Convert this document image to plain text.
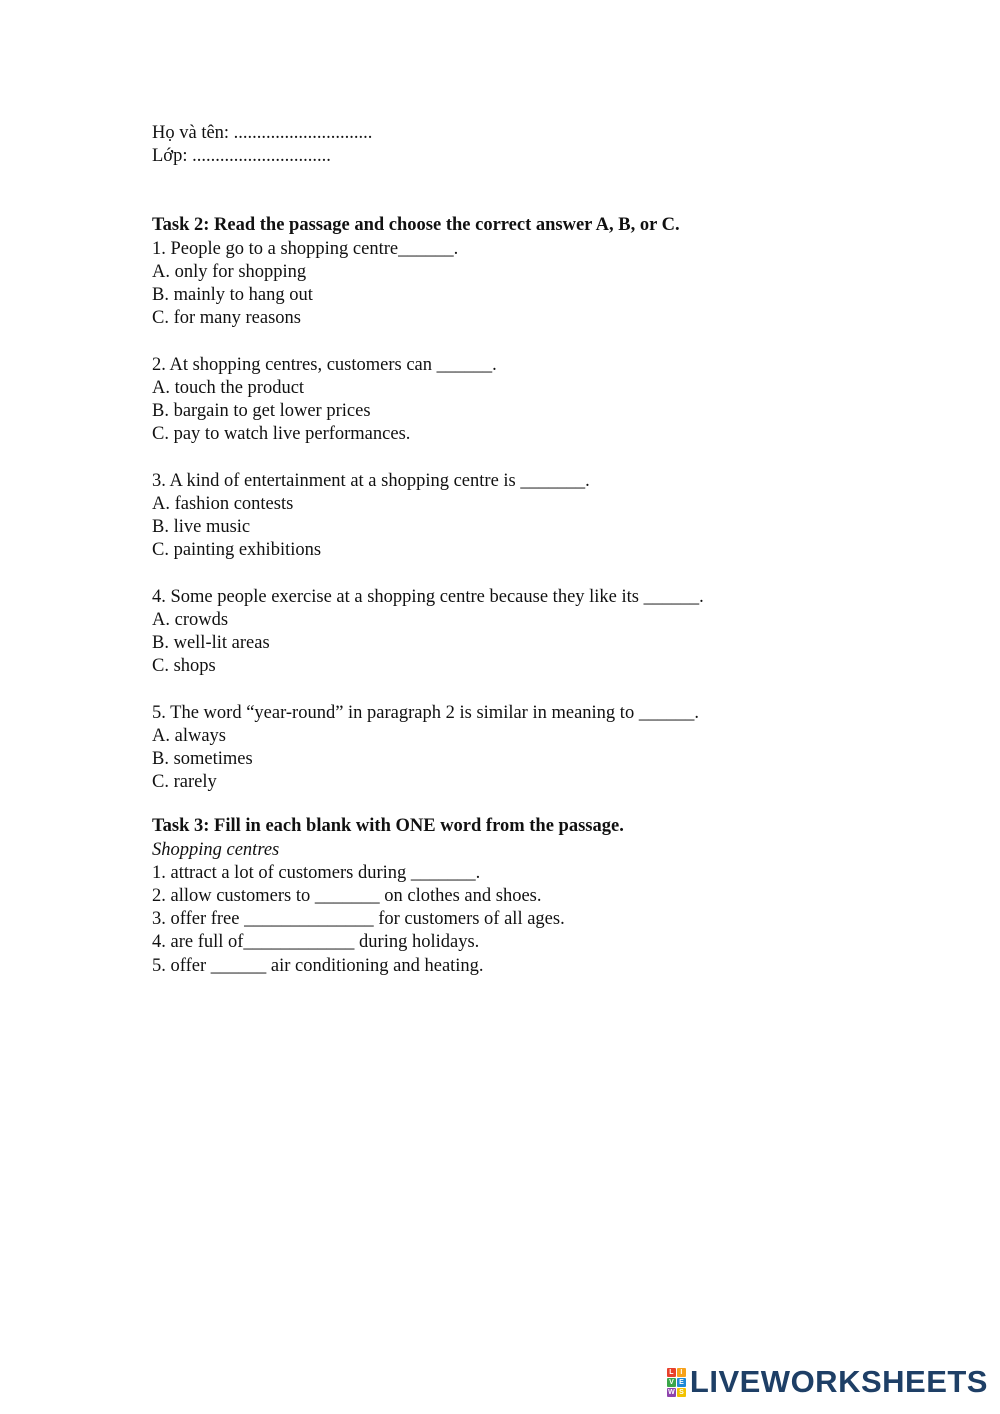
Họ và tên: ..............................
Lớp: ..............................
Task 2: Read the passage and choose the correct answer A, B, or C.
1. People go to a shopping centre______.
A. only for shopping
B. mainly to hang out
C. for many reasons
2. At shopping centres, customers can ______.
A. touch the product
B. bargain to get lower prices
C. pay to watch live performances.
3. A kind of entertainment at a shopping centre is _______.
A. fashion contests
B. live music
C. painting exhibitions
4. Some people exercise at a shopping centre because they like its ______.
A. crowds
B. well-lit areas
C. shops
5. The word “year-round” in paragraph 2 is similar in meaning to ______.
A. always
B. sometimes
C. rarely
Task 3: Fill in each blank with ONE word from the passage.
Shopping centres
1. attract a lot of customers during _______.
2. allow customers to _______ on clothes and shoes.
3. offer free ______________ for customers of all ages.
4. are full of____________ during holidays.
5. offer ______ air conditioning and heating.
L I
V E
W S LIVEWORKSHEETS
